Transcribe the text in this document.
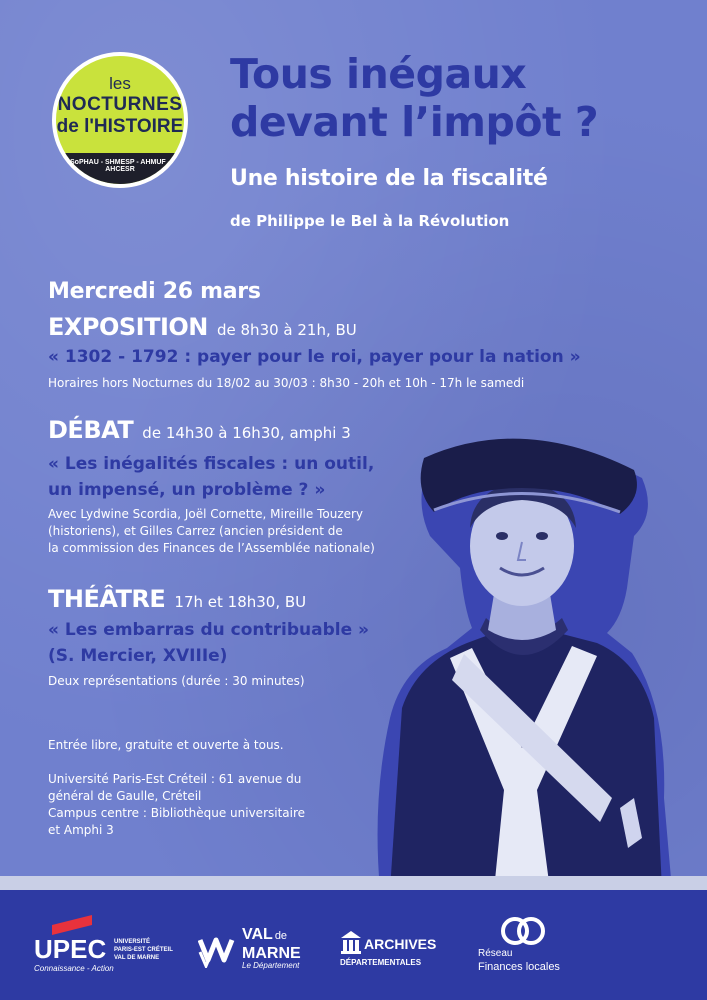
les
NOCTURNES
de l'HISTOIRE
SoPHAU - SHMESP - AHMUF - AHCESR
Tous inégaux
devant l’impôt ?
Une histoire de la fiscalité
de Philippe le Bel à la Révolution
Mercredi 26 mars
EXPOSITION de 8h30 à 21h, BU
« 1302 - 1792 : payer pour le roi, payer pour la nation »
Horaires hors Nocturnes du 18/02 au 30/03 : 8h30 - 20h et 10h - 17h le samedi
DÉBAT de 14h30 à 16h30, amphi 3
« Les inégalités fiscales : un outil,
un impensé, un problème ? »
Avec Lydwine Scordia, Joël Cornette, Mireille Touzery
(historiens), et Gilles Carrez (ancien président de
la commission des Finances de l’Assemblée nationale)
THÉÂTRE 17h et 18h30, BU
« Les embarras du contribuable »
(S. Mercier, XVIIIe)
Deux représentations (durée : 30 minutes)
Entrée libre, gratuite et ouverte à tous.
Université Paris-Est Créteil : 61 avenue du
général de Gaulle, Créteil
Campus centre : Bibliothèque universitaire
et Amphi 3
UPEC
Connaissance - Action
UNIVERSITÉ
PARIS-EST CRÉTEIL
VAL DE MARNE
VAL de
MARNE
Le Département
ARCHIVES
DÉPARTEMENTALES
Réseau
Finances locales
